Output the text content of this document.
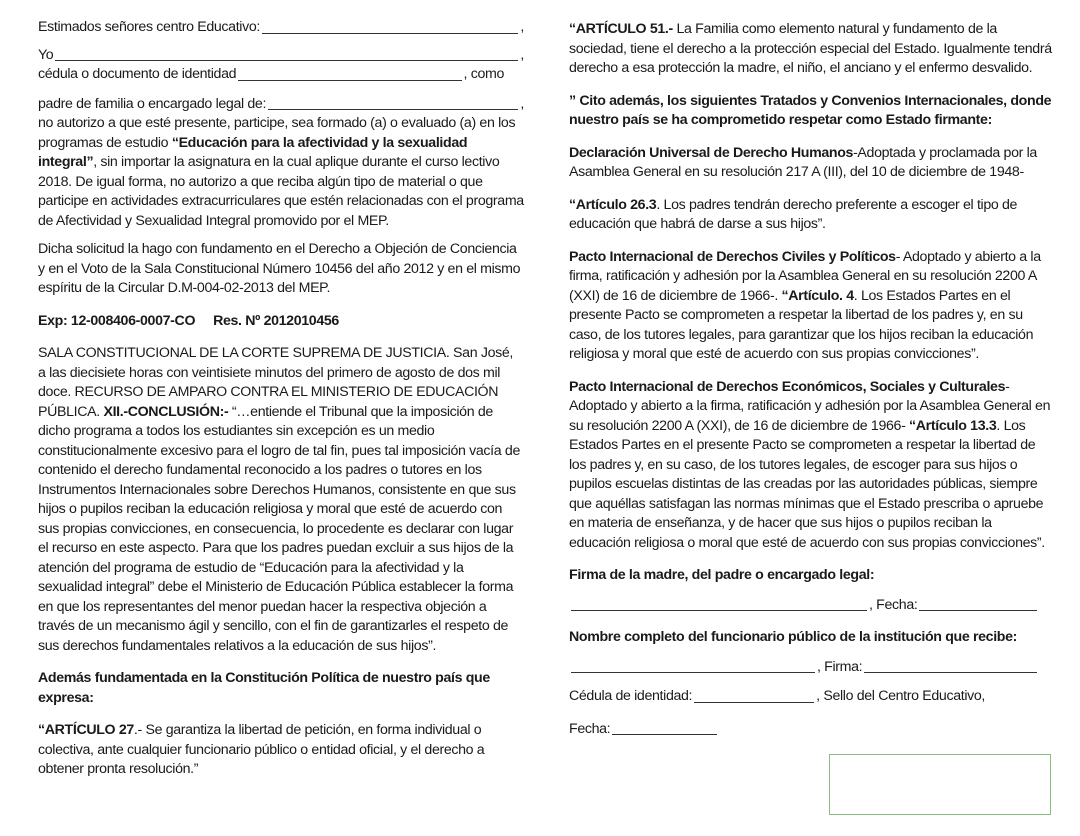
Estimados señores centro Educativo:	,
Yo	,
cédula o documento de identidad	, como
padre de familia o encargado legal de:	,

no autorizo a que esté presente, participe, sea formado (a) o evaluado (a) en los programas de estudio “Educación para la afectividad y la sexualidad integral”, sin importar la asignatura en la cual aplique durante el curso lectivo 2018. De igual forma, no autorizo a que reciba algún tipo de material o que participe en actividades extracurriculares que estén relacionadas con el programa de Afectividad y Sexualidad Integral promovido por el MEP.

Dicha solicitud la hago con fundamento en el Derecho a Objeción de Conciencia y en el Voto de la Sala Constitucional Número 10456 del año 2012 y en el mismo espíritu de la Circular D.M-004-02-2013 del MEP.

Exp: 12-008406-0007-CO     Res. Nº 2012010456

SALA CONSTITUCIONAL DE LA CORTE SUPREMA DE JUSTICIA. San José, a las diecisiete horas con veintisiete minutos del primero de agosto de dos mil doce. RECURSO DE AMPARO CONTRA EL MINISTERIO DE EDUCACIÓN PÚBLICA. XII.-CONCLUSIÓN:- “…entiende el Tribunal que la imposición de dicho programa a todos los estudiantes sin excepción es un medio constitucionalmente excesivo para el logro de tal fin, pues tal imposición vacía de contenido el derecho fundamental reconocido a los padres o tutores en los Instrumentos Internacionales sobre Derechos Humanos, consistente en que sus hijos o pupilos reciban la educación religiosa y moral que esté de acuerdo con sus propias convicciones, en consecuencia, lo procedente es declarar con lugar el recurso en este aspecto. Para que los padres puedan excluir a sus hijos de la atención del programa de estudio de “Educación para la afectividad y la sexualidad integral” debe el Ministerio de Educación Pública establecer la forma en que los representantes del menor puedan hacer la respectiva objeción a través de un mecanismo ágil y sencillo, con el fin de garantizarles el respeto de sus derechos fundamentales relativos a la educación de sus hijos”.

Además fundamentada en la Constitución Política de nuestro país que expresa:

“ARTÍCULO 27.- Se garantiza la libertad de petición, en forma individual o colectiva, ante cualquier funcionario público o entidad oficial, y el derecho a obtener pronta resolución.”

“ARTÍCULO 51.- La Familia como elemento natural y fundamento de la sociedad, tiene el derecho a la protección especial del Estado. Igualmente tendrá derecho a esa protección la madre, el niño, el anciano y el enfermo desvalido.

” Cito además, los siguientes Tratados y Convenios Internacionales, donde nuestro país se ha comprometido respetar como Estado firmante:

Declaración Universal de Derecho Humanos-Adoptada y proclamada por la Asamblea General en su resolución 217 A (III), del 10 de diciembre de 1948-

“Artículo 26.3. Los padres tendrán derecho preferente a escoger el tipo de educación que habrá de darse a sus hijos”.

Pacto Internacional de Derechos Civiles y Políticos- Adoptado y abierto a la firma, ratificación y adhesión por la Asamblea General en su resolución 2200 A (XXI) de 16 de diciembre de 1966-. “Artículo. 4. Los Estados Partes en el presente Pacto se comprometen a respetar la libertad de los padres y, en su caso, de los tutores legales, para garantizar que los hijos reciban la educación religiosa y moral que esté de acuerdo con sus propias convicciones”.

Pacto Internacional de Derechos Económicos, Sociales y Culturales- Adoptado y abierto a la firma, ratificación y adhesión por la Asamblea General en su resolución 2200 A (XXI), de 16 de diciembre de 1966- “Artículo 13.3. Los Estados Partes en el presente Pacto se comprometen a respetar la libertad de los padres y, en su caso, de los tutores legales, de escoger para sus hijos o pupilos escuelas distintas de las creadas por las autoridades públicas, siempre que aquéllas satisfagan las normas mínimas que el Estado prescriba o apruebe en materia de enseñanza, y de hacer que sus hijos o pupilos reciban la educación religiosa o moral que esté de acuerdo con sus propias convicciones”.

Firma de la madre, del padre o encargado legal:

, Fecha:

Nombre completo del funcionario público de la institución que recibe:

, Firma:
Cédula de identidad:	, Sello del Centro Educativo,
Fecha:
